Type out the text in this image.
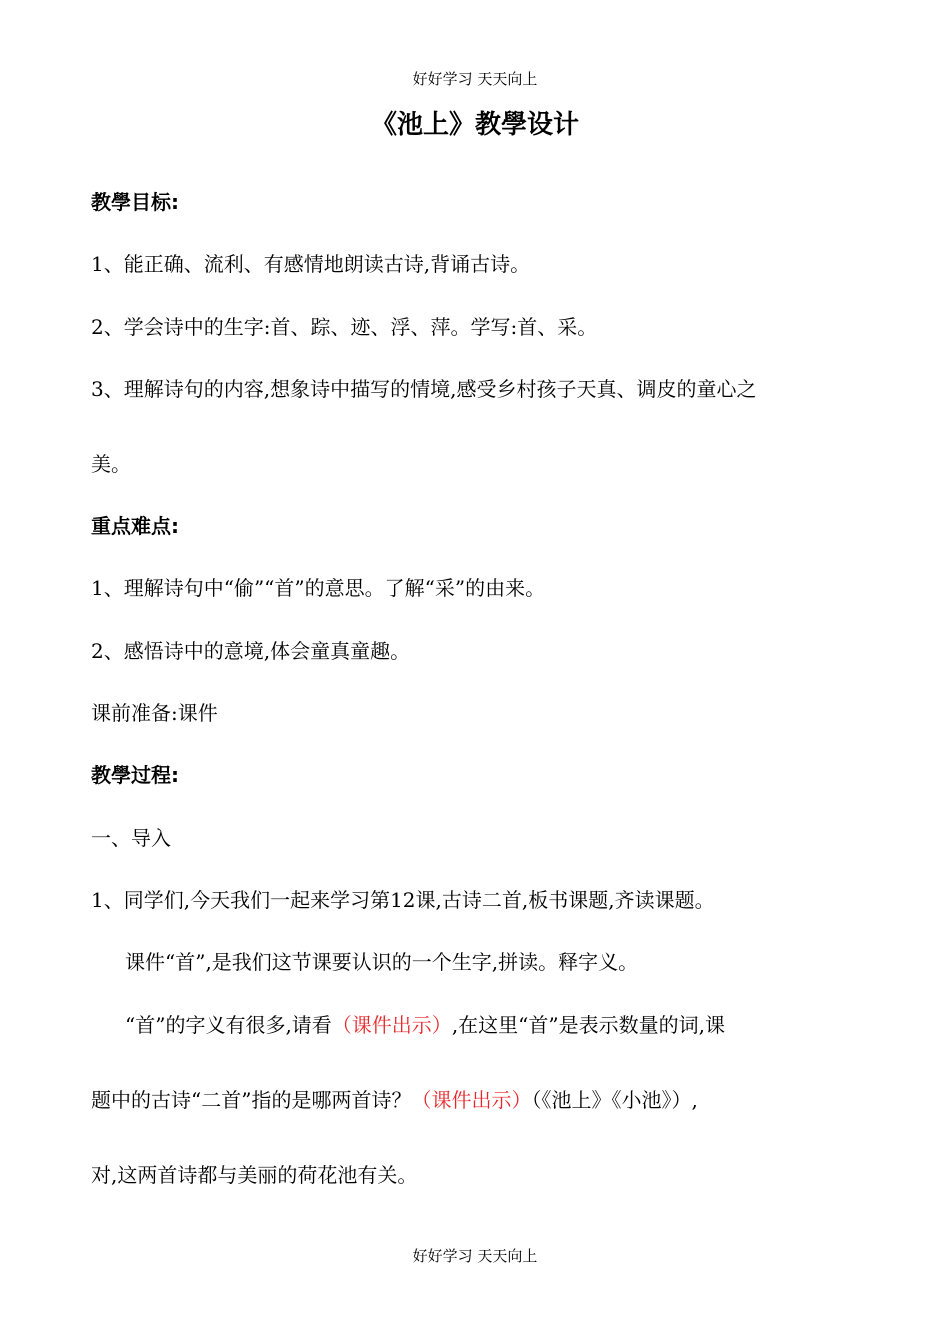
好好学习 天天向上
《池上》教學设计
教學目标:
1、能正确、流利、有感情地朗读古诗,背诵古诗。
2、学会诗中的生字:首、踪、迹、浮、萍。学写:首、采。
3、理解诗句的内容,想象诗中描写的情境,感受乡村孩子天真、调皮的童心之
美。
重点难点:
1、理解诗句中“偷”“首”的意思。了解“采”的由来。
2、感悟诗中的意境,体会童真童趣。
课前准备:课件
教學过程:
一、导入
1、同学们,今天我们一起来学习第12课,古诗二首,板书课题,齐读课题。
课件“首”,是我们这节课要认识的一个生字,拼读。释字义。
“首”的字义有很多,请看（课件出示）,在这里“首”是表示数量的词,课
题中的古诗“二首”指的是哪两首诗？（课件出示）（《池上》《小池》）,
对,这两首诗都与美丽的荷花池有关。
好好学习 天天向上
